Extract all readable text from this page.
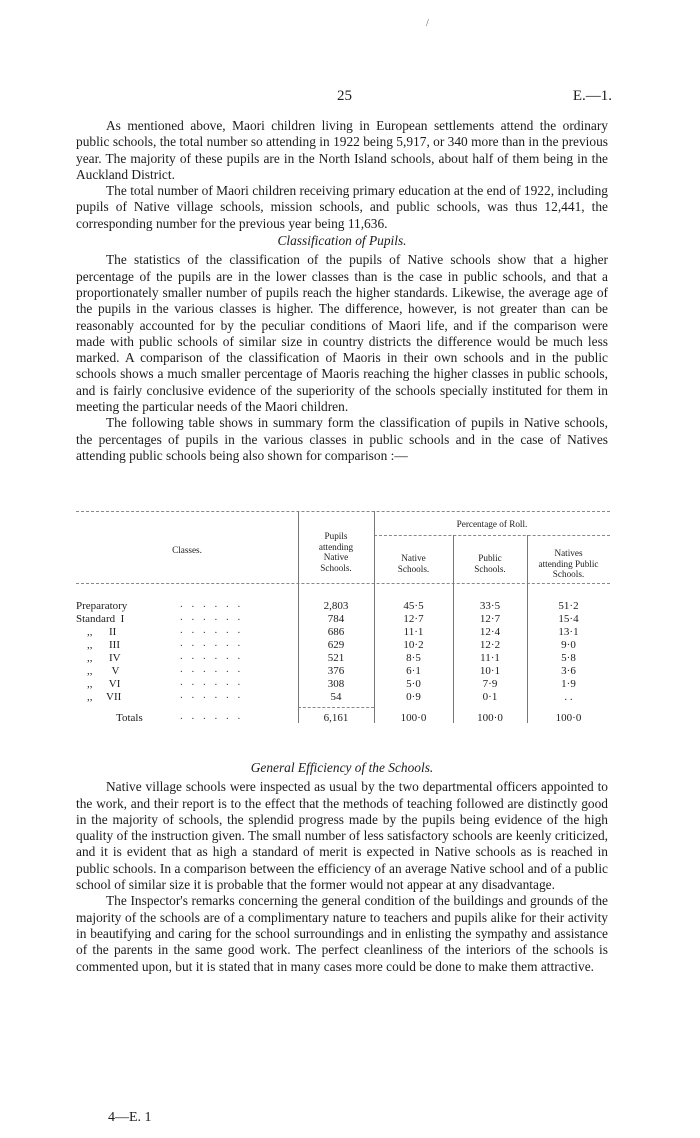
/
25	E.—1.

As mentioned above, Maori children living in European settlements attend the ordinary public schools, the total number so attending in 1922 being 5,917, or 340 more than in the previous year. The majority of these pupils are in the North Island schools, about half of them being in the Auckland District.

The total number of Maori children receiving primary education at the end of 1922, including pupils of Native village schools, mission schools, and public schools, was thus 12,441, the corresponding number for the previous year being 11,636.

Classification of Pupils.

The statistics of the classification of the pupils of Native schools show that a higher percentage of the pupils are in the lower classes than is the case in public schools, and that a proportionately smaller number of pupils reach the higher standards. Likewise, the average age of the pupils in the various classes is higher. The difference, however, is not greater than can be reasonably accounted for by the peculiar conditions of Maori life, and if the comparison were made with public schools of similar size in country districts the difference would be much less marked. A comparison of the classification of Maoris in their own schools and in the public schools shows a much smaller percentage of Maoris reaching the higher classes in public schools, and is fairly conclusive evidence of the superiority of the schools specially instituted for them in meeting the particular needs of the Maori children.

The following table shows in summary form the classification of pupils in Native schools, the percentages of pupils in the various classes in public schools and in the case of Natives attending public schools being also shown for comparison :—

Classes.
Pupils
attending
Native
Schools.
Percentage of Roll.
Native
Schools.
Public
Schools.
Natives
attending Public
Schools.
Preparatory	. . . . . .	2,803	45·5	33·5	51·2
Standard  I	. . . . . .	784	12·7	12·7	15·4
,,      II	. . . . . .	686	11·1	12·4	13·1
,,      III	. . . . . .	629	10·2	12·2	9·0
,,      IV	. . . . . .	521	8·5	11·1	5·8
,,       V	. . . . . .	376	6·1	10·1	3·6
,,      VI	. . . . . .	308	5·0	7·9	1·9
,,     VII	. . . . . .	54	0·9	0·1	. .
Totals	. . . . . .	6,161	100·0	100·0	100·0

General Efficiency of the Schools.

Native village schools were inspected as usual by the two departmental officers appointed to the work, and their report is to the effect that the methods of teaching followed are distinctly good in the majority of schools, the splendid progress made by the pupils being evidence of the high quality of the instruction given. The small number of less satisfactory schools are keenly criticized, and it is evident that as high a standard of merit is expected in Native schools as is reached in public schools. In a comparison between the efficiency of an average Native school and of a public school of similar size it is probable that the former would not appear at any disadvantage.

The Inspector's remarks concerning the general condition of the buildings and grounds of the majority of the schools are of a complimentary nature to teachers and pupils alike for their activity in beautifying and caring for the school surroundings and in enlisting the sympathy and assistance of the parents in the same good work. The perfect cleanliness of the interiors of the schools is commented upon, but it is stated that in many cases more could be done to make them attractive.

4—E. 1
